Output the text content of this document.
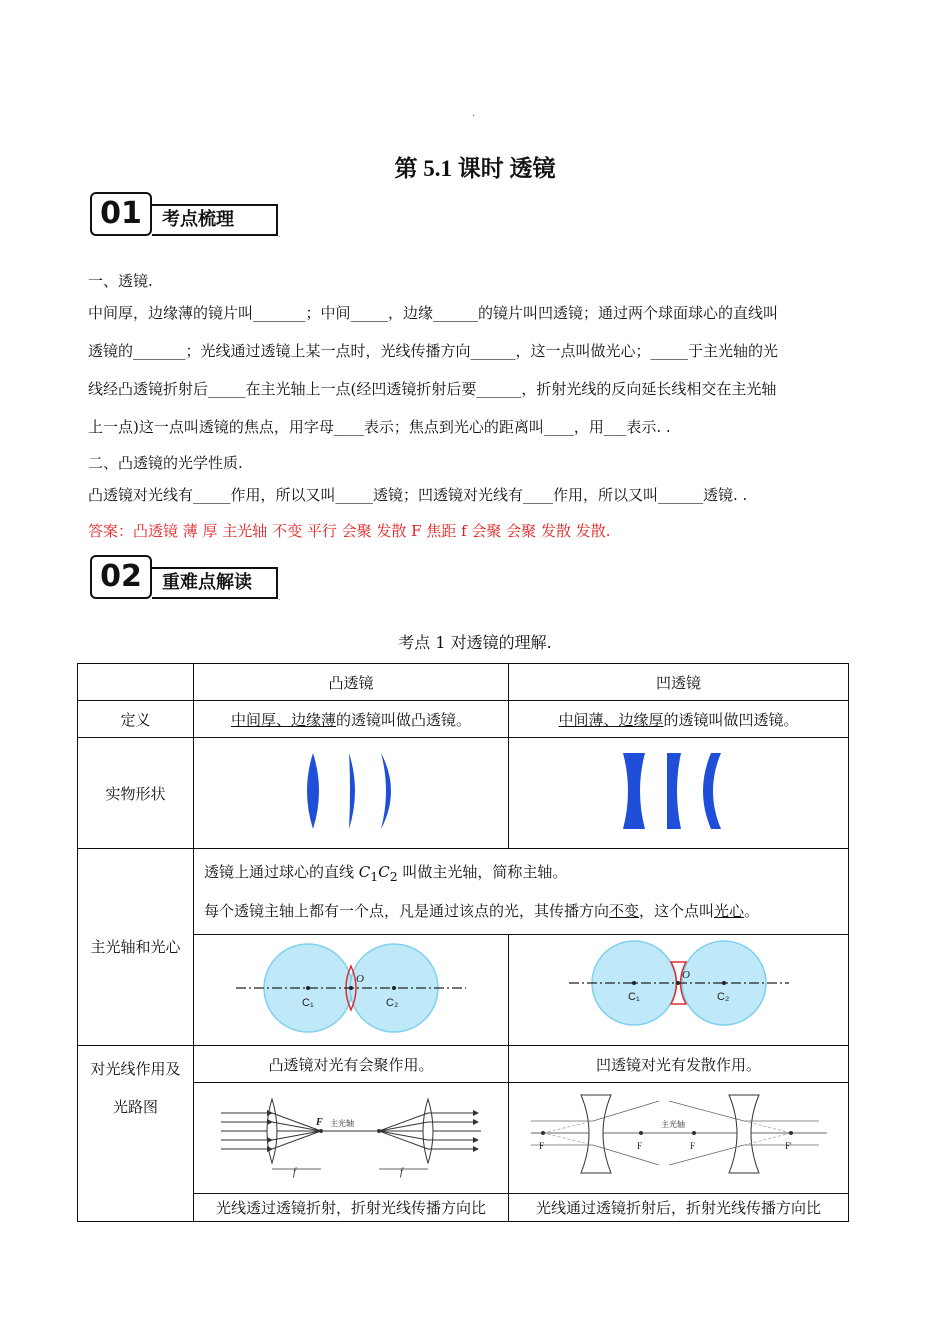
.
第 5.1 课时 透镜
01	考点梳理
.
一、透镜.
中间厚，边缘薄的镜片叫_______；中间_____，边缘______的镜片叫凹透镜；通过两个球面球心的直线叫
透镜的_______；光线通过透镜上某一点时，光线传播方向______，这一点叫做光心；_____于主光轴的光
线经凸透镜折射后_____在主光轴上一点(经凹透镜折射后要______，折射光线的反向延长线相交在主光轴
上一点)这一点叫透镜的焦点，用字母____表示；焦点到光心的距离叫____，用___表示. .
二、凸透镜的光学性质.
凸透镜对光线有_____作用，所以又叫_____透镜；凹透镜对光线有____作用，所以又叫______透镜. .
答案：凸透镜 薄 厚 主光轴 不变 平行 会聚 发散 F 焦距 f 会聚 会聚 发散 发散.
02	重难点解读
.
考点 1 对透镜的理解.
	凸透镜	凹透镜
定义	中间厚、边缘薄的透镜叫做凸透镜。	中间薄、边缘厚的透镜叫做凹透镜。
实物形状		
主光轴和光心	透镜上通过球心的直线 $C_1C_2$ 叫做主光轴，简称主轴。
每个透镜主轴上都有一个点，凡是通过该点的光，其传播方向不变，这个点叫光心。	

C₁ C₂
O	C₁ C₂
O

对光线作用及光路图	凸透镜对光有会聚作用。	凹透镜对光有发散作用。

F 主光轴
f f	F F
主光轴
F F'

	光线透过透镜折射，折射光线传播方向比	光线通过透镜折射后，折射光线传播方向比
